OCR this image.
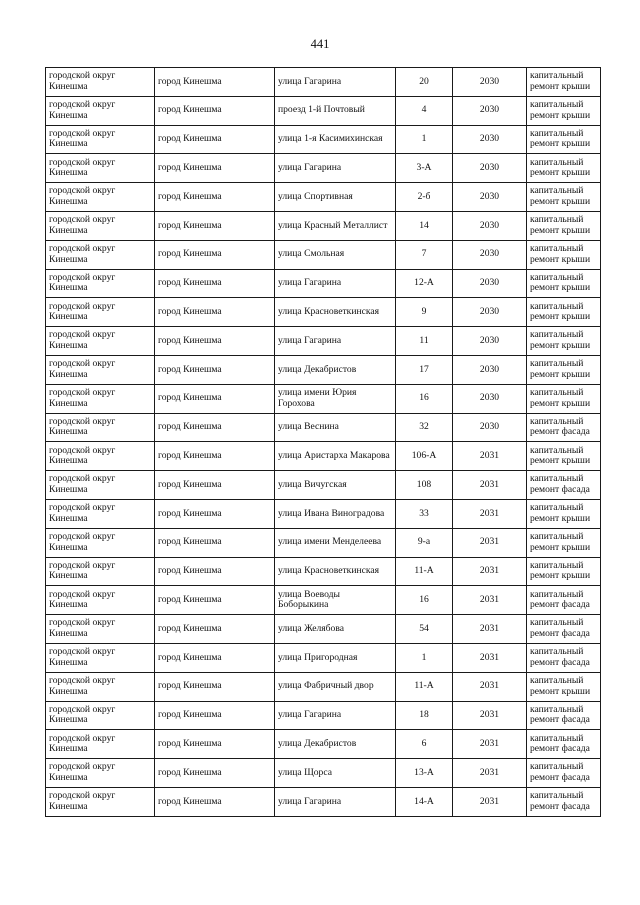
441
городской округ Кинешма	город Кинешма	улица Гагарина	20	2030	капитальный ремонт крыши
городской округ Кинешма	город Кинешма	проезд 1-й Почтовый	4	2030	капитальный ремонт крыши
городской округ Кинешма	город Кинешма	улица 1-я Касимихинская	1	2030	капитальный ремонт крыши
городской округ Кинешма	город Кинешма	улица Гагарина	3-А	2030	капитальный ремонт крыши
городской округ Кинешма	город Кинешма	улица Спортивная	2-б	2030	капитальный ремонт крыши
городской округ Кинешма	город Кинешма	улица Красный Металлист	14	2030	капитальный ремонт крыши
городской округ Кинешма	город Кинешма	улица Смольная	7	2030	капитальный ремонт крыши
городской округ Кинешма	город Кинешма	улица Гагарина	12-А	2030	капитальный ремонт крыши
городской округ Кинешма	город Кинешма	улица Красноветкинская	9	2030	капитальный ремонт крыши
городской округ Кинешма	город Кинешма	улица Гагарина	11	2030	капитальный ремонт крыши
городской округ Кинешма	город Кинешма	улица Декабристов	17	2030	капитальный ремонт крыши
городской округ Кинешма	город Кинешма	улица имени Юрия Горохова	16	2030	капитальный ремонт крыши
городской округ Кинешма	город Кинешма	улица Веснина	32	2030	капитальный ремонт фасада
городской округ Кинешма	город Кинешма	улица Аристарха Макарова	106-А	2031	капитальный ремонт крыши
городской округ Кинешма	город Кинешма	улица Вичугская	108	2031	капитальный ремонт фасада
городской округ Кинешма	город Кинешма	улица Ивана Виноградова	33	2031	капитальный ремонт крыши
городской округ Кинешма	город Кинешма	улица имени Менделеева	9-а	2031	капитальный ремонт крыши
городской округ Кинешма	город Кинешма	улица Красноветкинская	11-А	2031	капитальный ремонт крыши
городской округ Кинешма	город Кинешма	улица Воеводы Боборыкина	16	2031	капитальный ремонт фасада
городской округ Кинешма	город Кинешма	улица Желябова	54	2031	капитальный ремонт фасада
городской округ Кинешма	город Кинешма	улица Пригородная	1	2031	капитальный ремонт фасада
городской округ Кинешма	город Кинешма	улица Фабричный двор	11-А	2031	капитальный ремонт крыши
городской округ Кинешма	город Кинешма	улица Гагарина	18	2031	капитальный ремонт фасада
городской округ Кинешма	город Кинешма	улица Декабристов	6	2031	капитальный ремонт фасада
городской округ Кинешма	город Кинешма	улица Щорса	13-А	2031	капитальный ремонт фасада
городской округ Кинешма	город Кинешма	улица Гагарина	14-А	2031	капитальный ремонт фасада
